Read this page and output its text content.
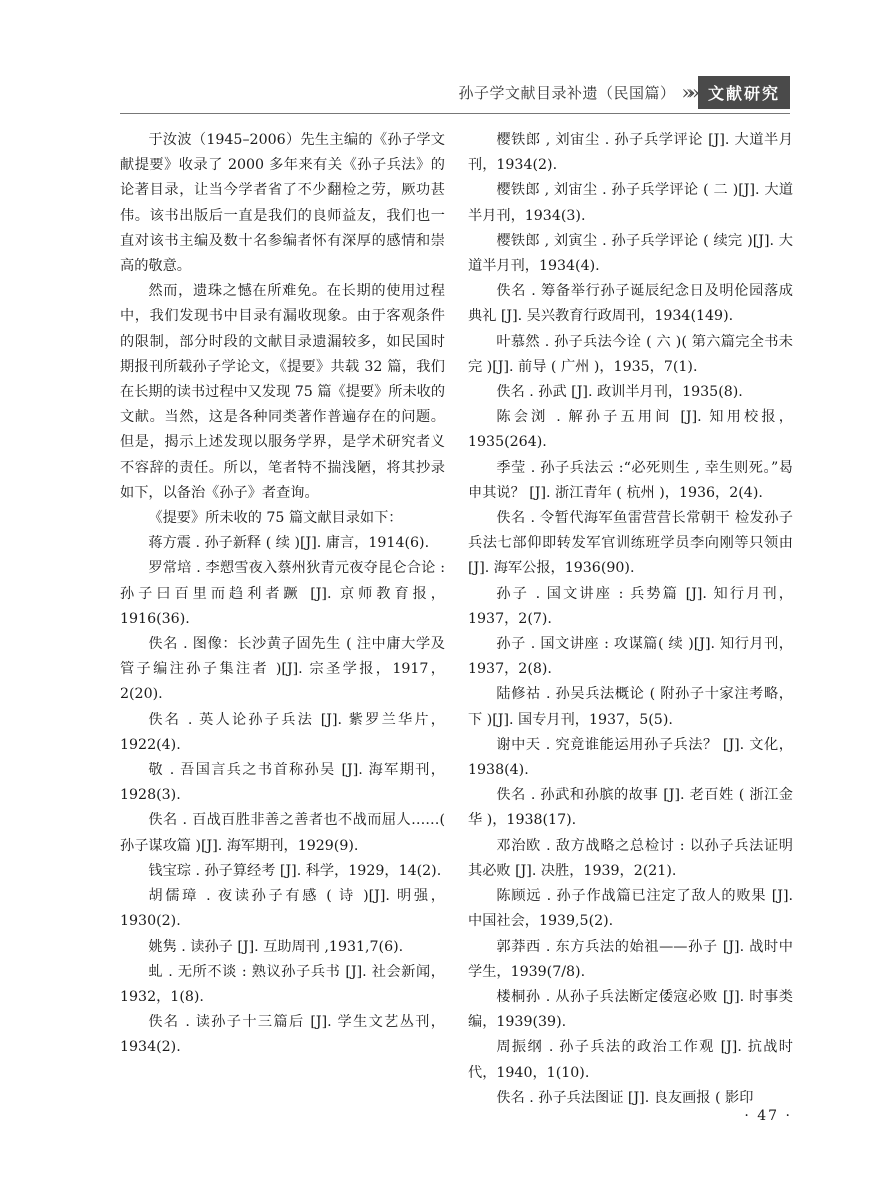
孙子学文献目录补遗（民国篇） »» 文献研究

于汝波（1945–2006）先生主编的《孙子学文献提要》收录了 2000 多年来有关《孙子兵法》的论著目录，让当今学者省了不少翻检之劳，厥功甚伟。该书出版后一直是我们的良师益友，我们也一直对该书主编及数十名参编者怀有深厚的感情和崇高的敬意。

然而，遗珠之憾在所难免。在长期的使用过程中，我们发现书中目录有漏收现象。由于客观条件的限制，部分时段的文献目录遗漏较多，如民国时期报刊所载孙子学论文，《提要》共载 32 篇，我们在长期的读书过程中又发现 75 篇《提要》所未收的文献。当然，这是各种同类著作普遍存在的问题。但是，揭示上述发现以服务学界，是学术研究者义不容辞的责任。所以，笔者特不揣浅陋，将其抄录如下，以备治《孙子》者查询。

《提要》所未收的 75 篇文献目录如下：

蒋方震 . 孙子新释 ( 续 )[J]. 庸言，1914(6).

罗常培 . 李愬雪夜入蔡州狄青元夜夺昆仑合论 : 孙子曰百里而趋利者蹶 [J]. 京师教育报，1916(36).

佚名 . 图像：长沙黄子固先生 ( 注中庸大学及管子编注孙子集注者 )[J]. 宗圣学报，1917，2(20).

佚名 . 英人论孙子兵法 [J]. 紫罗兰华片，1922(4).

敬 . 吾国言兵之书首称孙吴 [J]. 海军期刊，1928(3).

佚名 . 百战百胜非善之善者也不战而屈人……( 孙子谋攻篇 )[J]. 海军期刊，1929(9).

钱宝琮 . 孙子算经考 [J]. 科学，1929，14(2).

胡儒璋 . 夜读孙子有感 ( 诗 )[J]. 明强，1930(2).

姚隽 . 读孙子 [J]. 互助周刊 ,1931,7(6).

虬 . 无所不谈 : 熟议孙子兵书 [J]. 社会新闻，1932，1(8).

佚名 . 读孙子十三篇后 [J]. 学生文艺丛刊，1934(2).

樱铁郎 , 刘宙尘 . 孙子兵学评论 [J]. 大道半月刊，1934(2).

樱铁郎 , 刘宙尘 . 孙子兵学评论 ( 二 )[J]. 大道半月刊，1934(3).

樱铁郎 , 刘寅尘 . 孙子兵学评论 ( 续完 )[J]. 大道半月刊，1934(4).

佚名 . 筹备举行孙子诞辰纪念日及明伦园落成典礼 [J]. 吴兴教育行政周刊，1934(149).

叶慕然 . 孙子兵法今诠 ( 六 )( 第六篇完全书未完 )[J]. 前导 ( 广州 )，1935，7(1).

佚名 . 孙武 [J]. 政训半月刊，1935(8).

陈会浏 . 解孙子五用间 [J]. 知用校报，1935(264).

季莹 . 孙子兵法云 :“必死则生 , 幸生则死。”曷申其说？ [J]. 浙江青年 ( 杭州 )，1936，2(4).

佚名 . 令暂代海军鱼雷营营长常朝干 检发孙子兵法七部仰即转发军官训练班学员李向刚等只领由 [J]. 海军公报，1936(90).

孙子 . 国文讲座 : 兵势篇 [J]. 知行月刊，1937，2(7).

孙子 . 国文讲座 : 攻谋篇( 续 )[J]. 知行月刊，1937，2(8).

陆修祜 . 孙吴兵法概论 ( 附孙子十家注考略，下 )[J]. 国专月刊，1937，5(5).

谢中天 . 究竟谁能运用孙子兵法？ [J]. 文化，1938(4).

佚名 . 孙武和孙膑的故事 [J]. 老百姓 ( 浙江金华 )，1938(17).

邓治欧 . 敌方战略之总检讨 : 以孙子兵法证明其必败 [J]. 决胜，1939，2(21).

陈顾远 . 孙子作战篇已注定了敌人的败果 [J]. 中国社会，1939,5(2).

郭莽西 . 东方兵法的始祖——孙子 [J]. 战时中学生，1939(7/8).

楼桐孙 . 从孙子兵法断定倭寇必败 [J]. 时事类编，1939(39).

周振纲 . 孙子兵法的政治工作观 [J]. 抗战时代，1940，1(10).

佚名 . 孙子兵法图证 [J]. 良友画报 ( 影印

· 47 ·
